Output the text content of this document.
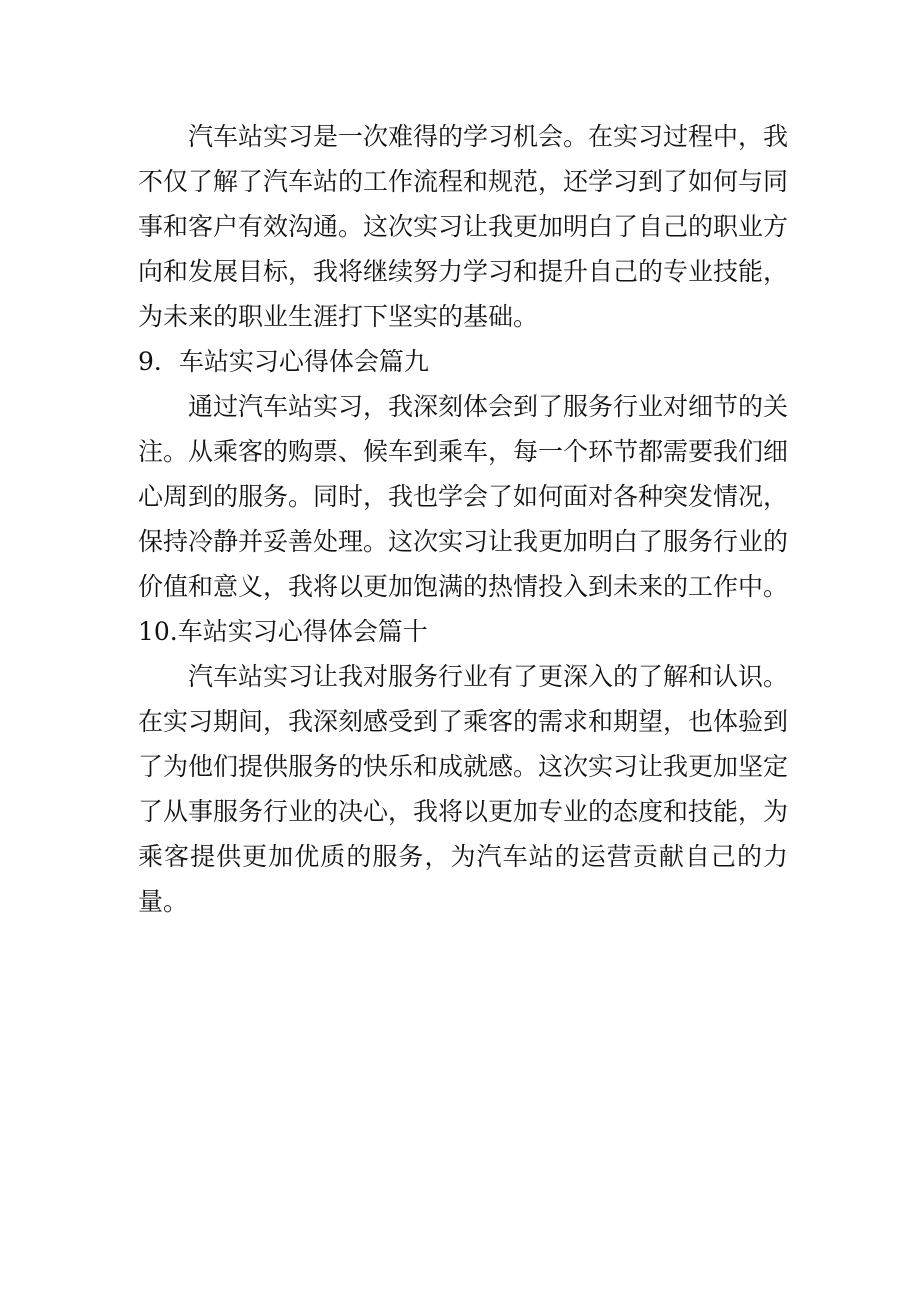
汽车站实习是一次难得的学习机会。在实习过程中，我不仅了解了汽车站的工作流程和规范，还学习到了如何与同事和客户有效沟通。这次实习让我更加明白了自己的职业方向和发展目标，我将继续努力学习和提升自己的专业技能，为未来的职业生涯打下坚实的基础。

9．车站实习心得体会篇九

通过汽车站实习，我深刻体会到了服务行业对细节的关注。从乘客的购票、候车到乘车，每一个环节都需要我们细心周到的服务。同时，我也学会了如何面对各种突发情况，保持冷静并妥善处理。这次实习让我更加明白了服务行业的价值和意义，我将以更加饱满的热情投入到未来的工作中。10.车站实习心得体会篇十

汽车站实习让我对服务行业有了更深入的了解和认识。在实习期间，我深刻感受到了乘客的需求和期望，也体验到了为他们提供服务的快乐和成就感。这次实习让我更加坚定了从事服务行业的决心，我将以更加专业的态度和技能，为乘客提供更加优质的服务，为汽车站的运营贡献自己的力量。
